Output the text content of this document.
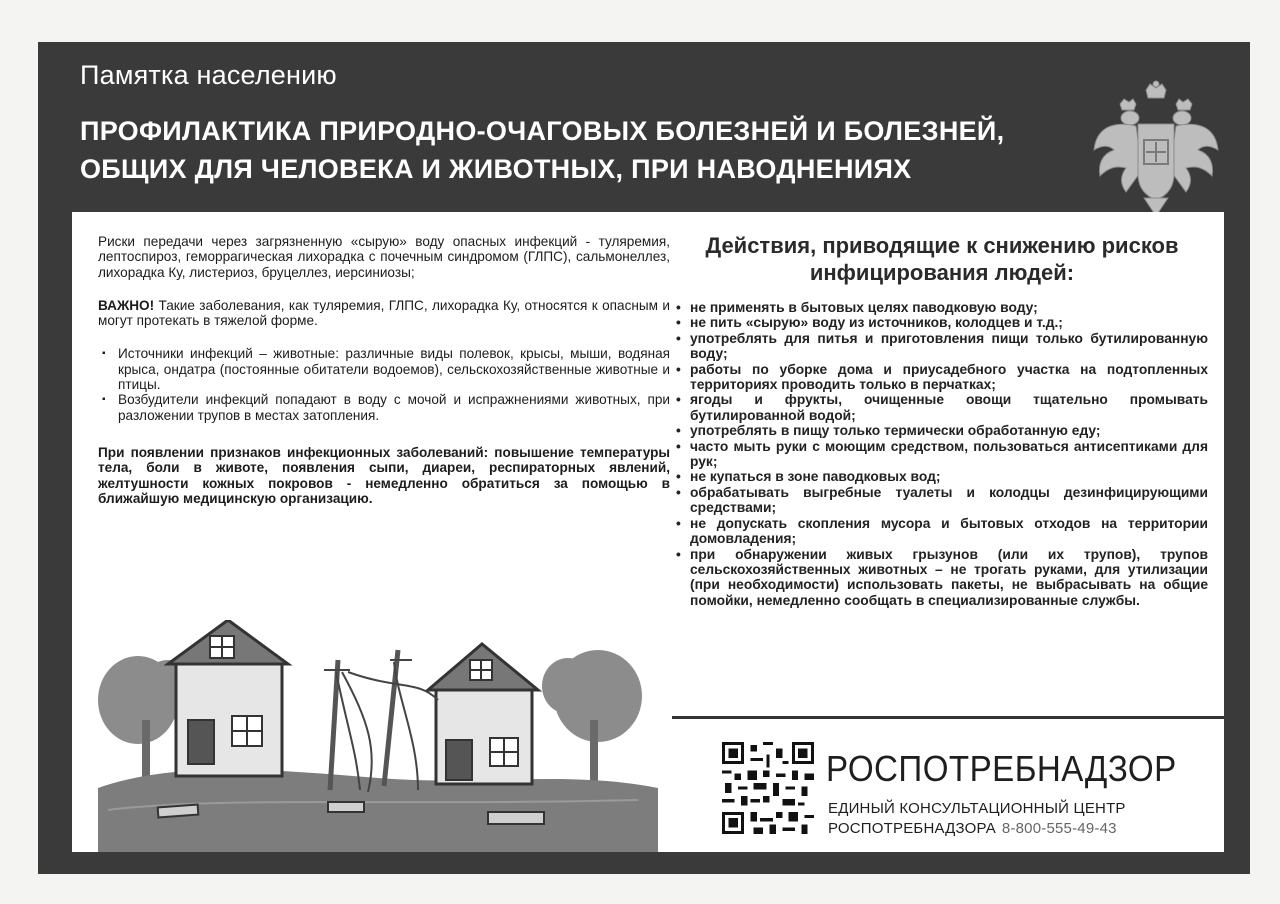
Памятка населению
ПРОФИЛАКТИКА ПРИРОДНО-ОЧАГОВЫХ БОЛЕЗНЕЙ И БОЛЕЗНЕЙ, ОБЩИХ ДЛЯ ЧЕЛОВЕКА И ЖИВОТНЫХ, ПРИ НАВОДНЕНИЯХ

Риски передачи через загрязненную «сырую» воду опасных инфекций - туляремия, лептоспироз, геморрагическая лихорадка с почечным синдромом (ГЛПС), сальмонеллез, лихорадка Ку, листериоз, бруцеллез, иерсиниозы;

ВАЖНО! Такие заболевания, как туляремия, ГЛПС, лихорадка Ку, относятся к опасным и могут протекать в тяжелой форме.

▪ Источники инфекций – животные: различные виды полевок, крысы, мыши, водяная крыса, ондатра (постоянные обитатели водоемов), сельскохозяйственные животные и птицы.
▪ Возбудители инфекций попадают в воду с мочой и испражнениями животных, при разложении трупов в местах затопления.

При появлении признаков инфекционных заболеваний: повышение температуры тела, боли в животе, появления сыпи, диареи, респираторных явлений, желтушности кожных покровов - немедленно обратиться за помощью в ближайшую медицинскую организацию.

Действия, приводящие к снижению рисков инфицирования людей:
• не применять в бытовых целях паводковую воду;
• не пить «сырую» воду из источников, колодцев и т.д.;
• употреблять для питья и приготовления пищи только бутилированную воду;
• работы по уборке дома и приусадебного участка на подтопленных территориях проводить только в перчатках;
• ягоды и фрукты, очищенные овощи тщательно промывать бутилированной водой;
• употреблять в пищу только термически обработанную еду;
• часто мыть руки с моющим средством, пользоваться антисептиками для рук;
• не купаться в зоне паводковых вод;
• обрабатывать выгребные туалеты и колодцы дезинфицирующими средствами;
• не допускать скопления мусора и бытовых отходов на территории домовладения;
• при обнаружении живых грызунов (или их трупов), трупов сельскохозяйственных животных – не трогать руками, для утилизации (при необходимости) использовать пакеты, не выбрасывать на общие помойки, немедленно сообщать в специализированные службы.
РОСПОТРЕБНАДЗОР
ЕДИНЫЙ КОНСУЛЬТАЦИОННЫЙ ЦЕНТР
РОСПОТРЕБНАДЗОРА 8-800-555-49-43
